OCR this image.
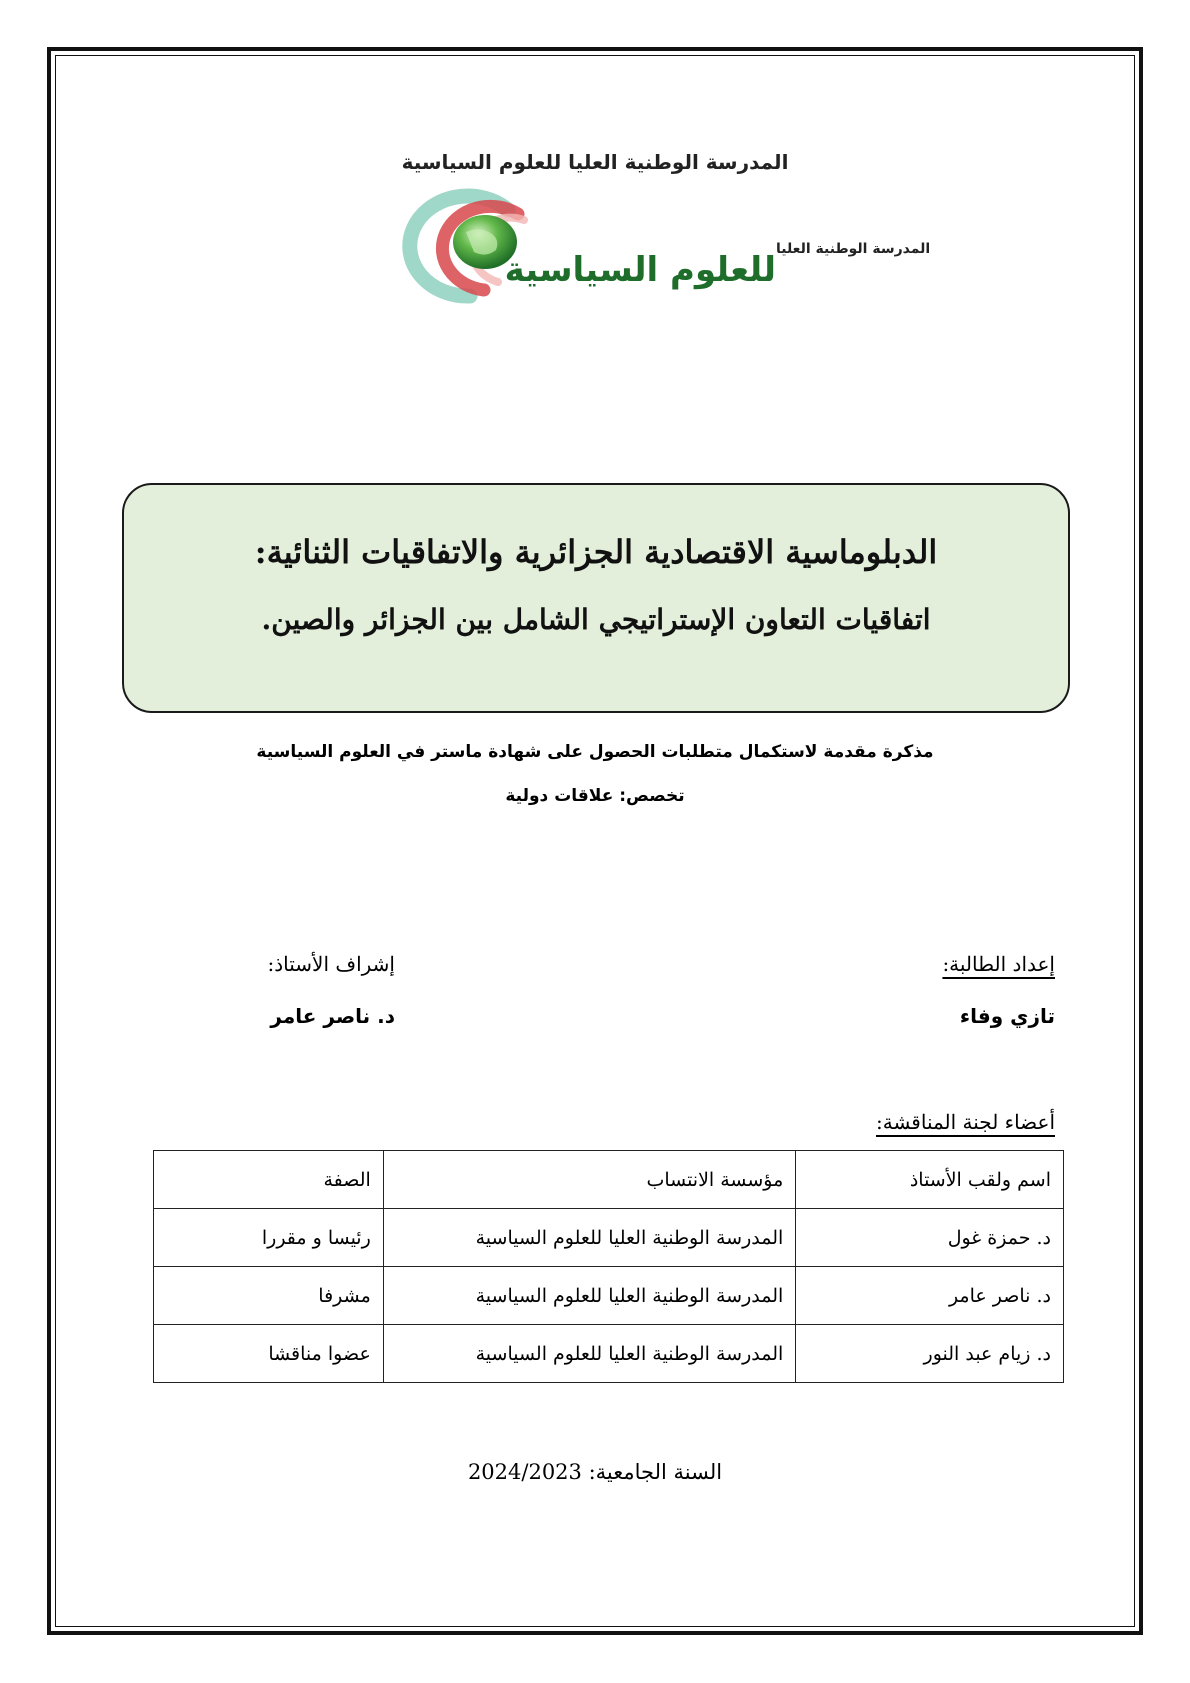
المدرسة الوطنية العليا للعلوم السياسية
المدرسة الوطنية العليا
للعلوم السياسية
الدبلوماسية الاقتصادية الجزائرية والاتفاقيات الثنائية:
اتفاقيات التعاون الإستراتيجي الشامل بين الجزائر والصين.
مذكرة مقدمة لاستكمال متطلبات الحصول على شهادة ماستر في العلوم السياسية
تخصص: علاقات دولية
إعداد الطالبة:
تازي وفاء
إشراف الأستاذ:
د. ناصر عامر
أعضاء لجنة المناقشة:
اسم ولقب الأستاذ	مؤسسة الانتساب	الصفة
د. حمزة غول	المدرسة الوطنية العليا للعلوم السياسية	رئيسا و مقررا
د. ناصر عامر	المدرسة الوطنية العليا للعلوم السياسية	مشرفا
د. زيام عبد النور	المدرسة الوطنية العليا للعلوم السياسية	عضوا مناقشا
السنة الجامعية: 2024/2023
